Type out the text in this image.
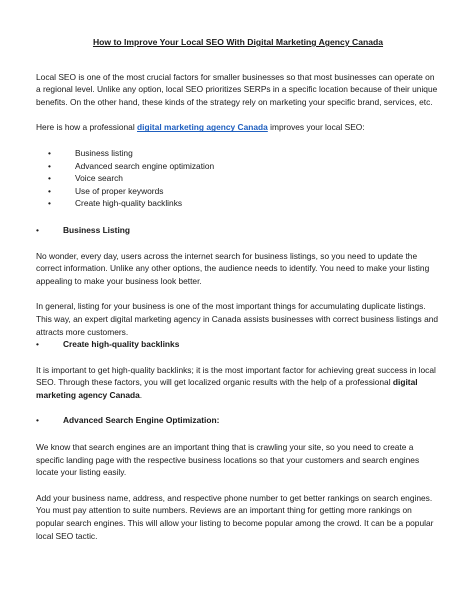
How to Improve Your Local SEO With Digital Marketing Agency Canada

Local SEO is one of the most crucial factors for smaller businesses so that most businesses can operate on a regional level. Unlike any option, local SEO prioritizes SERPs in a specific location because of their unique benefits. On the other hand, these kinds of the strategy rely on marketing your specific brand, services, etc.

Here is how a professional digital marketing agency Canada improves your local SEO:

• Business listing
• Advanced search engine optimization
• Voice search
• Use of proper keywords
• Create high-quality backlinks
• Business Listing

No wonder, every day, users across the internet search for business listings, so you need to update the correct information. Unlike any other options, the audience needs to identify. You need to make your listing appealing to make your business look better.

In general, listing for your business is one of the most important things for accumulating duplicate listings. This way, an expert digital marketing agency in Canada assists businesses with correct business listings and attracts more customers.

• Create high-quality backlinks

It is important to get high-quality backlinks; it is the most important factor for achieving great success in local SEO. Through these factors, you will get localized organic results with the help of a professional digital marketing agency Canada.

• Advanced Search Engine Optimization:

We know that search engines are an important thing that is crawling your site, so you need to create a specific landing page with the respective business locations so that your customers and search engines locate your listing easily.

Add your business name, address, and respective phone number to get better rankings on search engines. You must pay attention to suite numbers. Reviews are an important thing for getting more rankings on popular search engines. This will allow your listing to become popular among the crowd. It can be a popular local SEO tactic.
